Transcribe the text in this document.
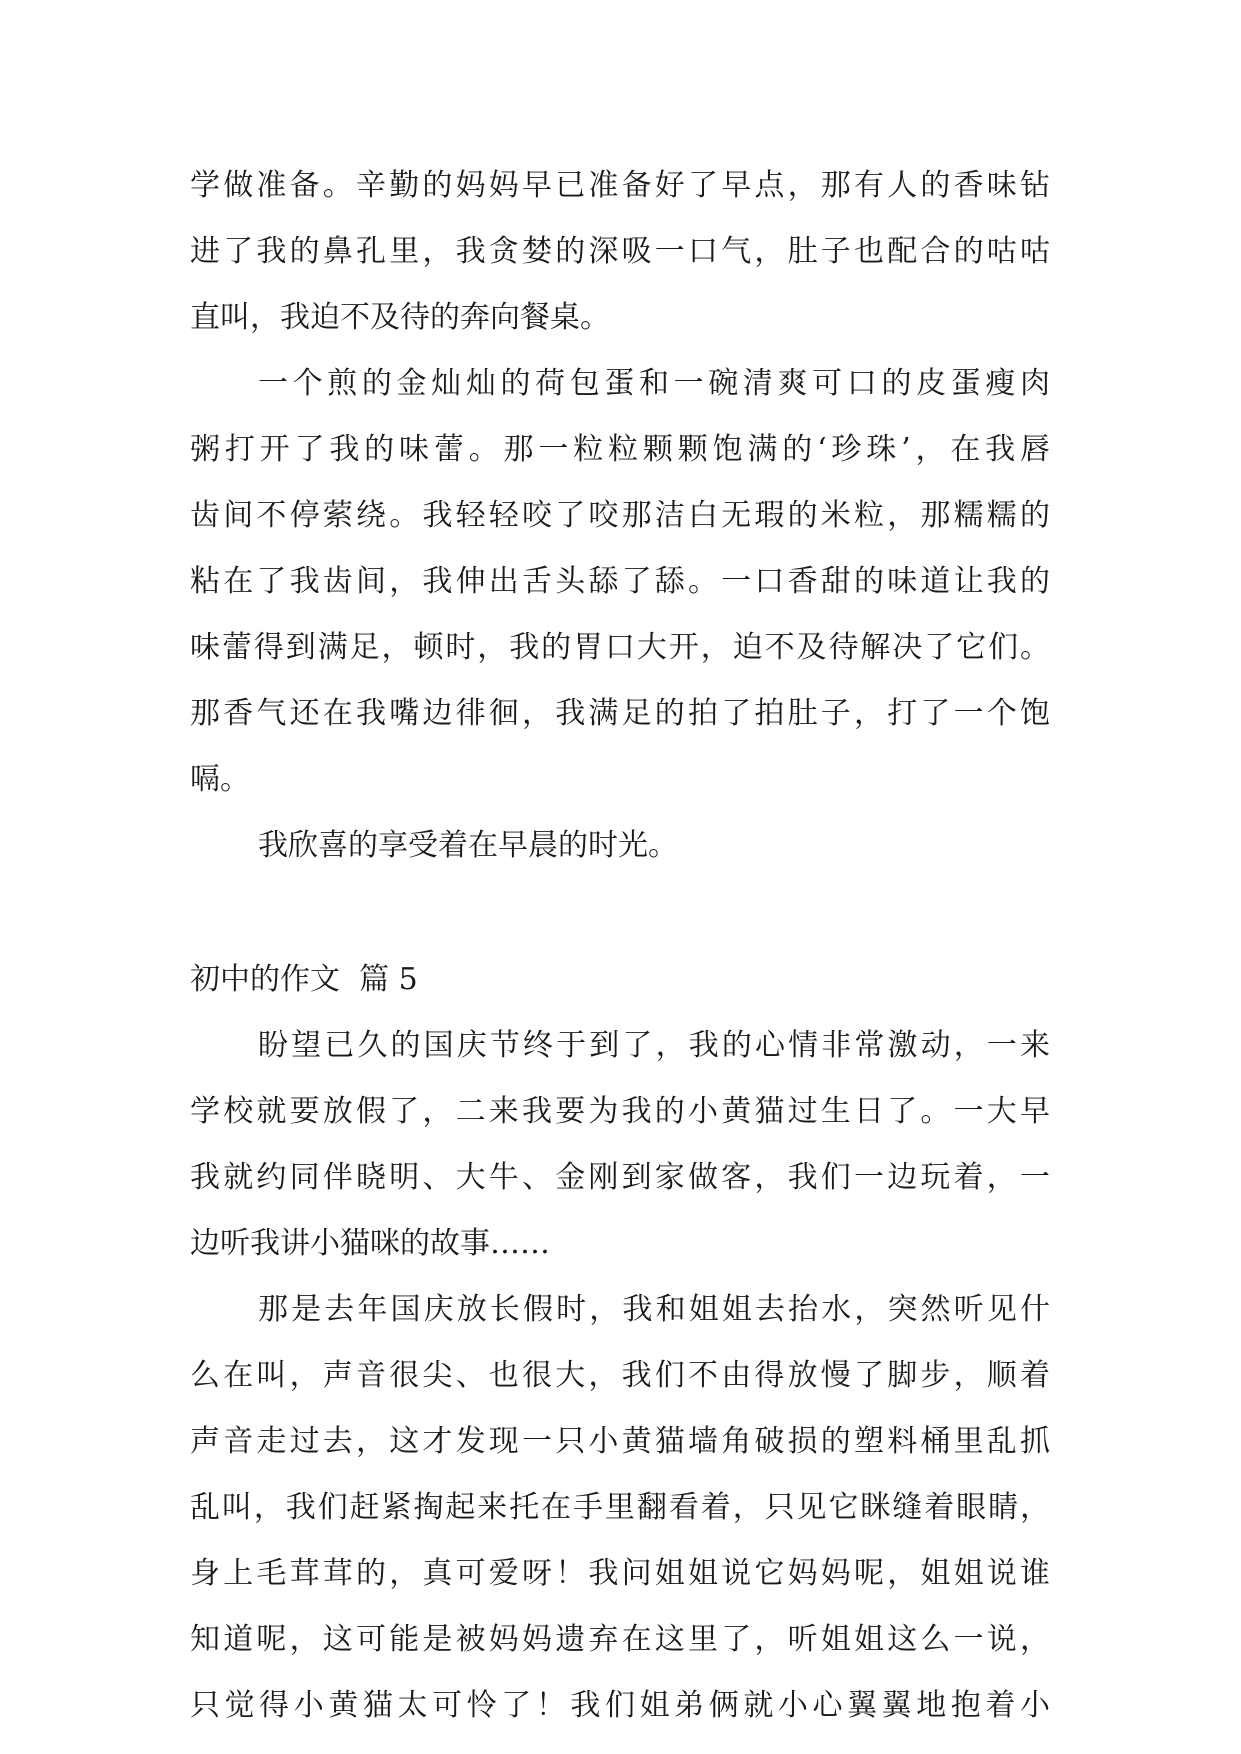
学做准备。辛勤的妈妈早已准备好了早点，那有人的香味钻
进了我的鼻孔里，我贪婪的深吸一口气，肚子也配合的咕咕
直叫，我迫不及待的奔向餐桌。
一个煎的金灿灿的荷包蛋和一碗清爽可口的皮蛋瘦肉
粥打开了我的味蕾。那一粒粒颗颗饱满的‘珍珠’，在我唇
齿间不停萦绕。我轻轻咬了咬那洁白无瑕的米粒，那糯糯的
粘在了我齿间，我伸出舌头舔了舔。一口香甜的味道让我的
味蕾得到满足，顿时，我的胃口大开，迫不及待解决了它们。
那香气还在我嘴边徘徊，我满足的拍了拍肚子，打了一个饱
嗝。
我欣喜的享受着在早晨的时光。
初中的作文  篇 5
盼望已久的国庆节终于到了，我的心情非常激动，一来
学校就要放假了，二来我要为我的小黄猫过生日了。一大早
我就约同伴晓明、大牛、金刚到家做客，我们一边玩着，一
边听我讲小猫咪的故事……
那是去年国庆放长假时，我和姐姐去抬水，突然听见什
么在叫，声音很尖、也很大，我们不由得放慢了脚步，顺着
声音走过去，这才发现一只小黄猫墙角破损的塑料桶里乱抓
乱叫，我们赶紧掏起来托在手里翻看着，只见它眯缝着眼睛，
身上毛茸茸的，真可爱呀！我问姐姐说它妈妈呢，姐姐说谁
知道呢，这可能是被妈妈遗弃在这里了，听姐姐这么一说，
只觉得小黄猫太可怜了！我们姐弟俩就小心翼翼地抱着小
